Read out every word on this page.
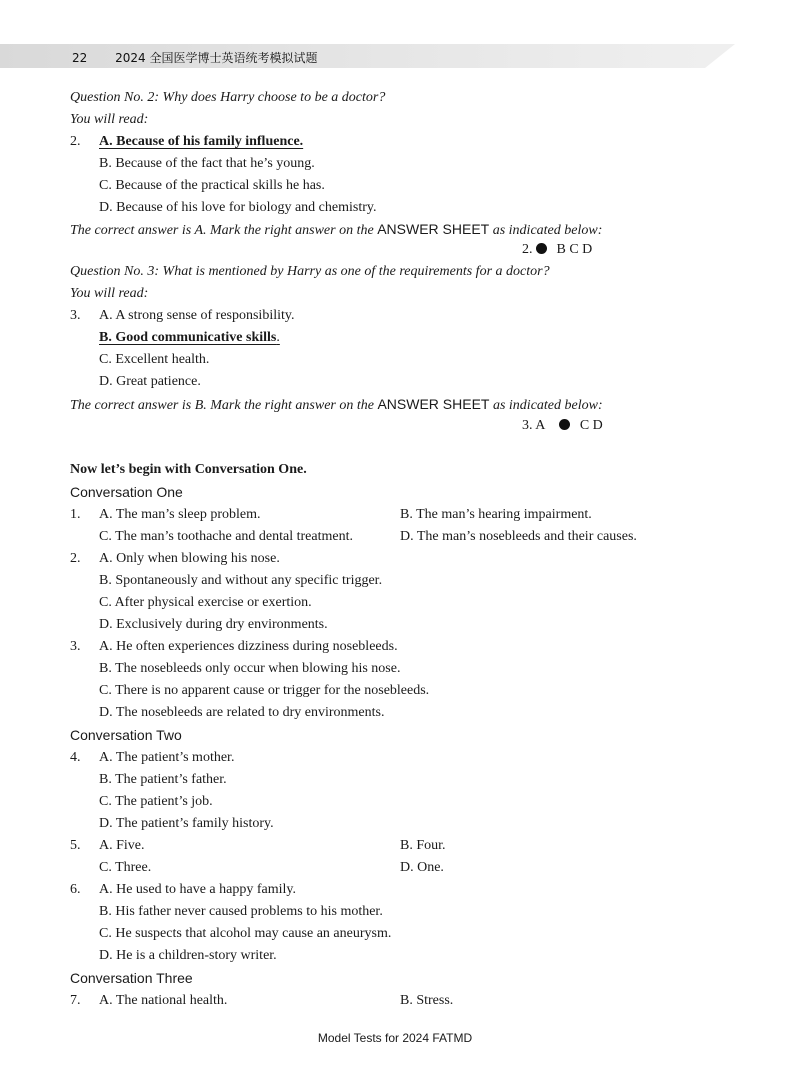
22 2024 全国医学博士英语统考模拟试题
Question No. 2: Why does Harry choose to be a doctor?
You will read:
2. A. Because of his family influence.
B. Because of the fact that he’s young.
C. Because of the practical skills he has.
D. Because of his love for biology and chemistry.
The correct answer is A. Mark the right answer on the ANSWER SHEET as indicated below:
2. B C D
Question No. 3: What is mentioned by Harry as one of the requirements for a doctor?
You will read:
3. A. A strong sense of responsibility.
B. Good communicative skills.
C. Excellent health.
D. Great patience.
The correct answer is B. Mark the right answer on the ANSWER SHEET as indicated below:
3. A C D
Now let’s begin with Conversation One.
Conversation One
1. A. The man’s sleep problem.	B. The man’s hearing impairment.
C. The man’s toothache and dental treatment.	D. The man’s nosebleeds and their causes.
2. A. Only when blowing his nose.
B. Spontaneously and without any specific trigger.
C. After physical exercise or exertion.
D. Exclusively during dry environments.
3. A. He often experiences dizziness during nosebleeds.
B. The nosebleeds only occur when blowing his nose.
C. There is no apparent cause or trigger for the nosebleeds.
D. The nosebleeds are related to dry environments.
Conversation Two
4. A. The patient’s mother.
B. The patient’s father.
C. The patient’s job.
D. The patient’s family history.
5. A. Five.	B. Four.
C. Three.	D. One.
6. A. He used to have a happy family.
B. His father never caused problems to his mother.
C. He suspects that alcohol may cause an aneurysm.
D. He is a children-story writer.
Conversation Three
7. A. The national health.	B. Stress.
Model Tests for 2024 FATMD
